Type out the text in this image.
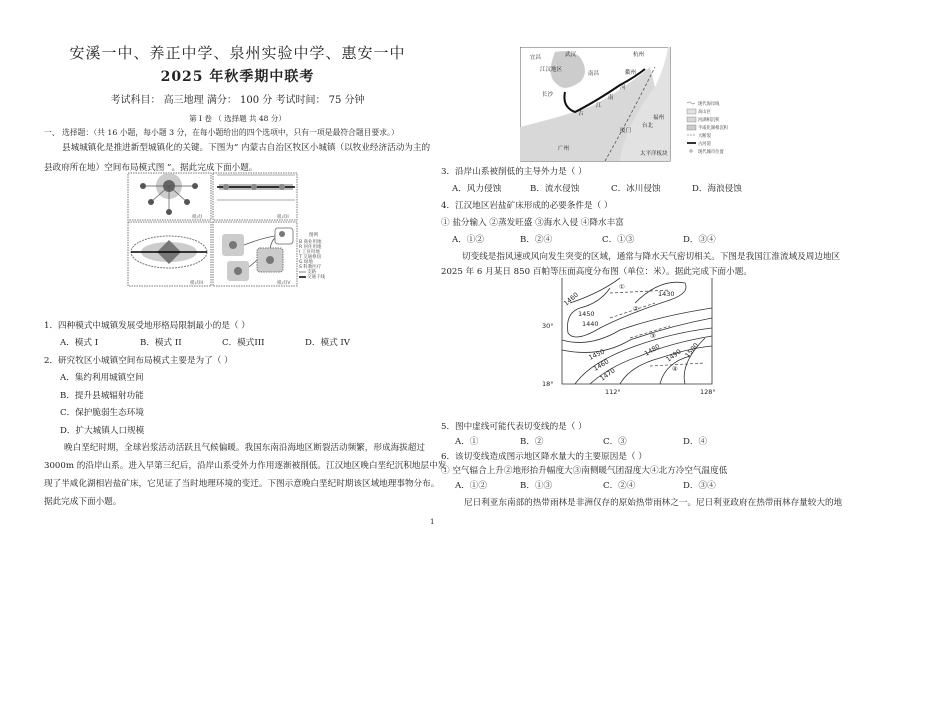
安溪一中、养正中学、泉州实验中学、惠安一中
2025 年秋季期中联考
考试科目： 高三地理 满分： 100 分 考试时间： 75 分钟
第 I 卷 （ 选择题 共 48 分）
一、 选择题：（共 16 小题，每小题 3 分，在每小题给出的四个选项中，只有一项是最符合题目要求。）
县城城镇化是推进新型城镇化的关键。下图为“ 内蒙古自治区牧区小城镇（以牧业经济活动为主的
县政府所在地）空间布局模式图 ”。据此完成下面小题。
模式I	模式II
模式III	模式IV
图例
B 商业用地
R 居住用地
I 工业用地
T 交通枢纽
G 绿地
S 科教医疗
支路
交通干线
1．四种模式中城镇发展受地形格局限制最小的是（ ）
A．模式 I	B．模式 II	C．模式III	D．模式 IV
2．研究牧区小城镇空间布局模式主要是为了（ ）
A．集约利用城镇空间
B．提升县城辐射功能
C．保护脆弱生态环境
D．扩大城镇人口规模
晚白垩纪时期，全球岩浆活动活跃且气候偏暖。我国东南沿海地区断裂活动频繁，形成海拔超过
3000m 的沿岸山系。进入早第三纪后，沿岸山系受外力作用逐渐被削低。江汉地区晚白垩纪沉积地层中发
现了半咸化湖相岩盐矿床，它见证了当时地理环境的变迁。下图示意晚白垩纪时期该区域地理事物分布。
据此完成下面小题。
宜昌	武汉	杭州
江汉地区
南昌	衢州
长沙	南
河
江
古
福州
台北
厦门
广州
太平洋板块
现代海岸线
高山区
河湖相沉积
半咸化湖相沉积
大断裂
古河道
现代城市位置
3．沿岸山系被削低的主导外力是（ ）
A．风力侵蚀	B．流水侵蚀	C．冰川侵蚀	D．海浪侵蚀
4．江汉地区岩盐矿床形成的必要条件是（ ）
① 盐分输入 ②蒸发旺盛 ③海水入侵 ④降水丰富
A．①②	B．②④	C．①③	D．③④
切变线是指风速或风向发生突变的区域，通常与降水天气密切相关。下图是我国江淮流域及周边地区
2025 年 6 月某日 850 百帕等压面高度分布图（单位：米）。据此完成下面小题。
1460
1450
1440
1430
1450
1460
1470
1480 1490 1500
①
②
③
④
30°
18°
112°	128°
5．图中虚线可能代表切变线的是（ ）
A．①	B．②	C．③	D．④
6．该切变线造成图示地区降水量大的主要原因是（ ）
① 空气辐合上升②地形抬升幅度大③南侧暖气团湿度大④北方冷空气温度低
A．①②	B．①③	C．②④	D．③④
尼日利亚东南部的热带雨林是非洲仅存的原始热带雨林之一。尼日利亚政府在热带雨林存量较大的地
1
